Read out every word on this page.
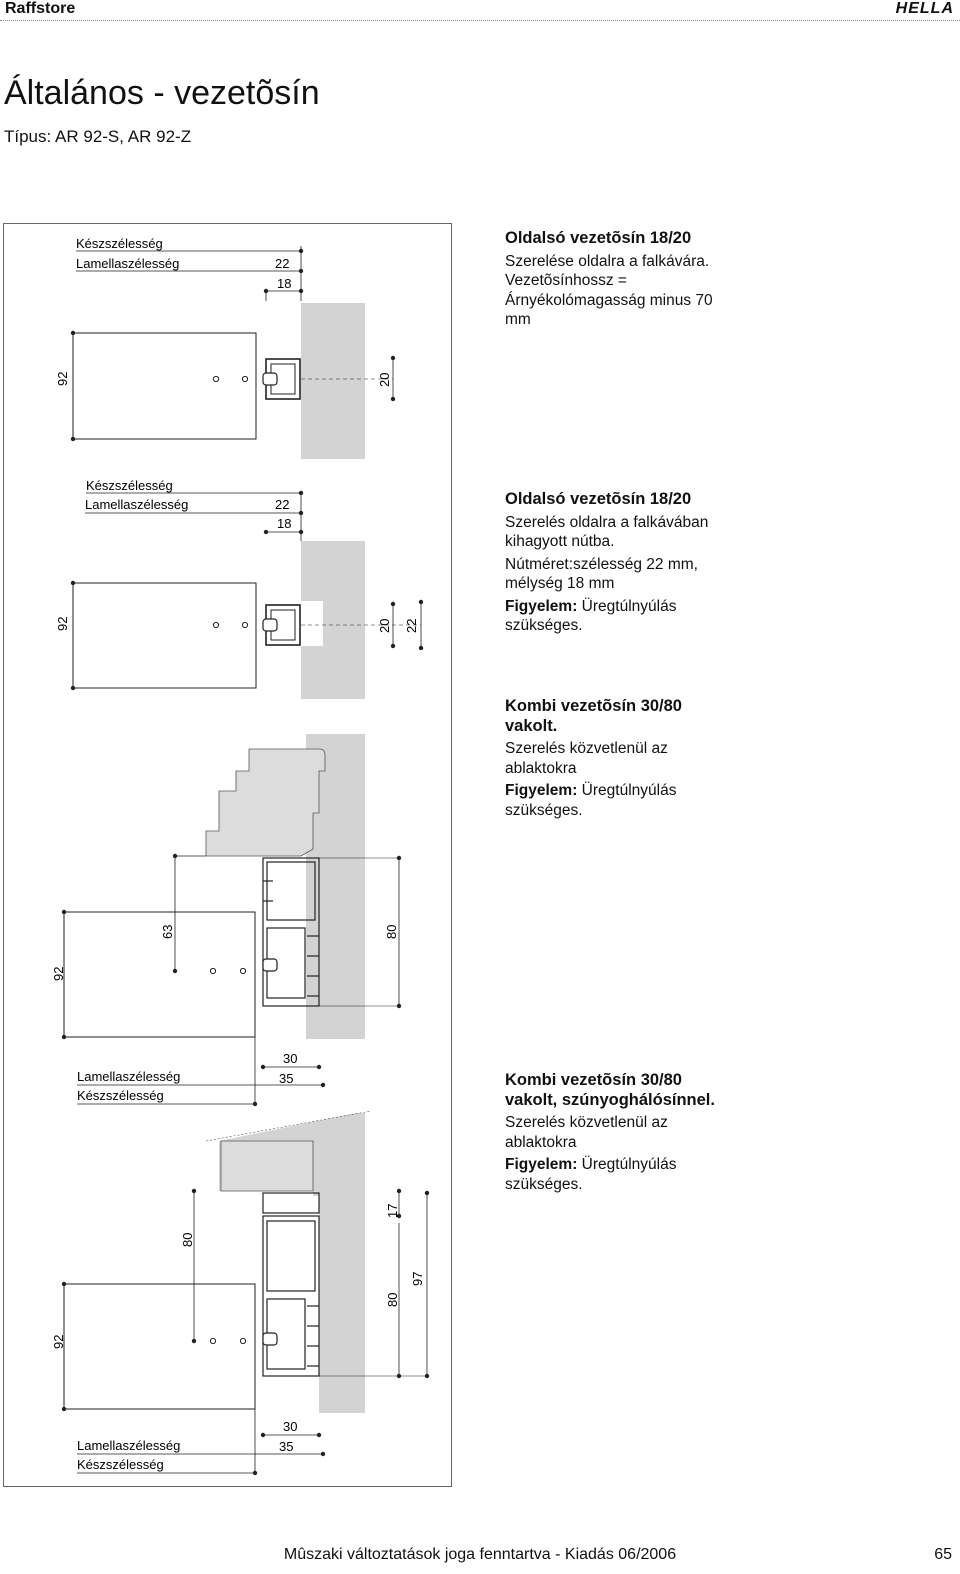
Raffstore	HELLA
Általános - vezetõsín
Típus: AR 92-S, AR 92-Z
Készszélesség
Lamellaszélesség	22
18
92	20
Készszélesség
Lamellaszélesség	22
18
92	20 22
63
92
80
30
Lamellaszélesség	35
Készszélesség
80
92
17
80
97
30
Lamellaszélesség	35
Készszélesség

Oldalsó vezetõsín 18/20

Szerelése oldalra a falkávára.

Vezetõsínhossz =

Árnyékolómagasság minus 70 mm

Oldalsó vezetõsín 18/20

Szerelés oldalra a falkávában kihagyott nútba.

Nútméret:szélesség 22 mm, mélység 18 mm

Figyelem: Üregtúlnyúlás szükséges.

Kombi vezetõsín 30/80 vakolt.

Szerelés közvetlenül az ablaktokra

Figyelem: Üregtúlnyúlás szükséges.

Kombi vezetõsín 30/80 vakolt, szúnyoghálósínnel.

Szerelés közvetlenül az ablaktokra

Figyelem: Üregtúlnyúlás szükséges.

Mûszaki változtatások joga fenntartva - Kiadás 06/2006	65
